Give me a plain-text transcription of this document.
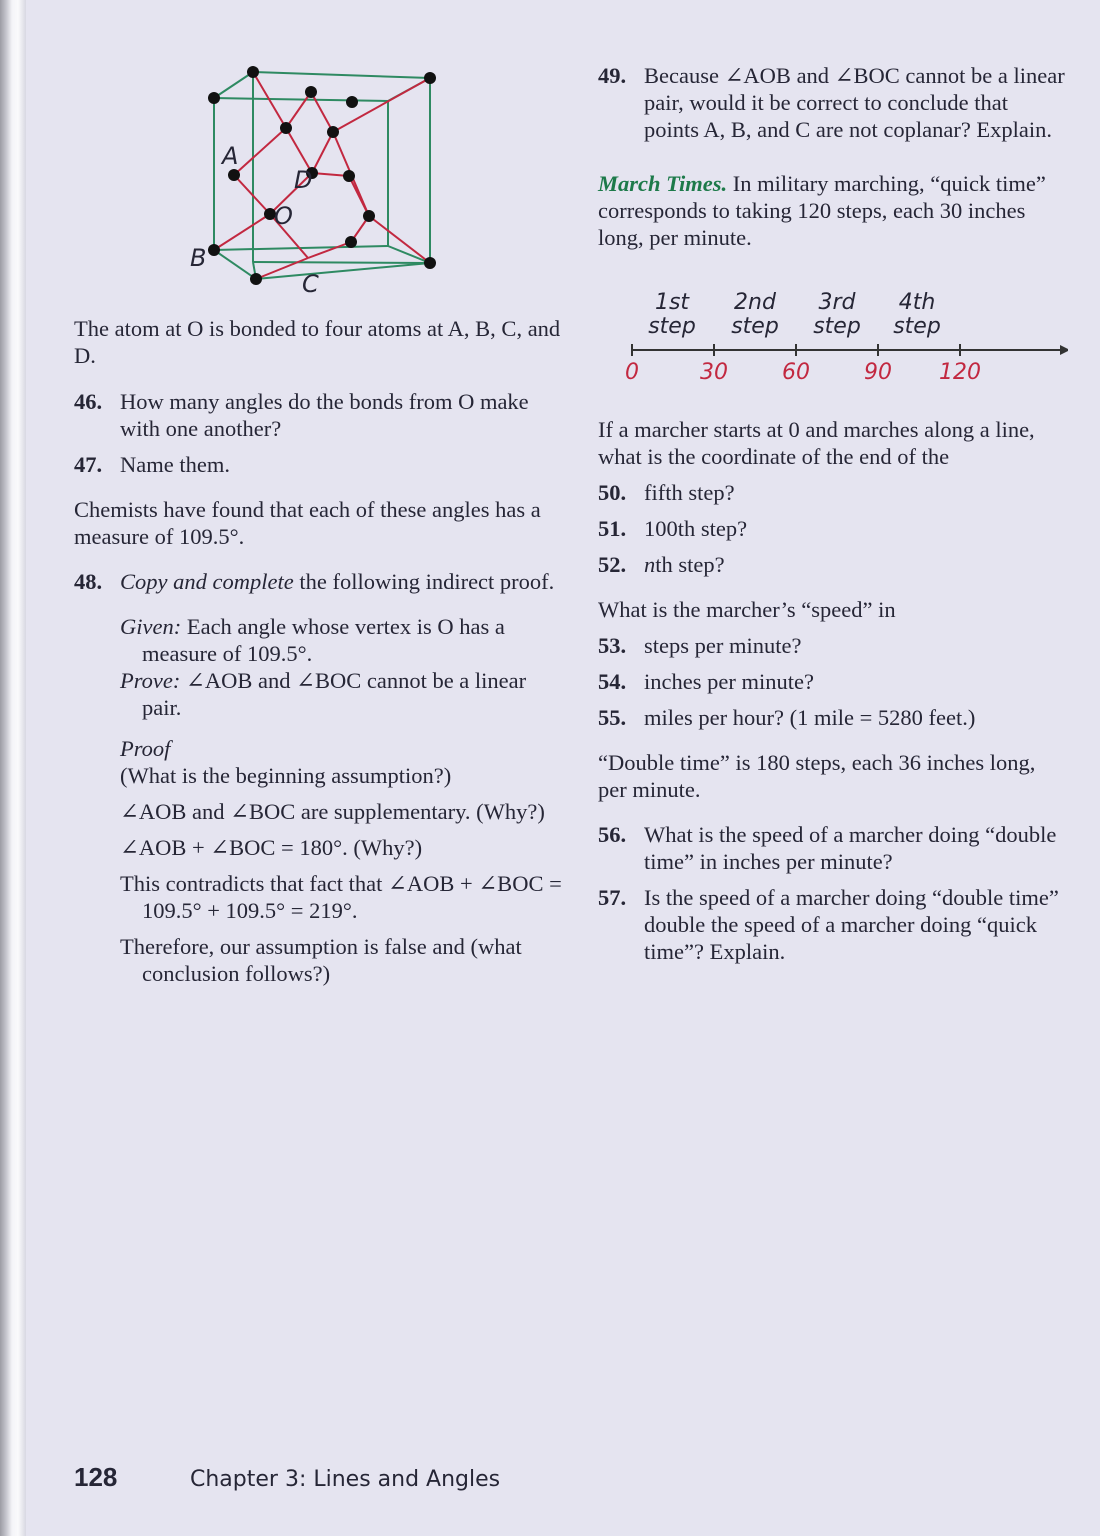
A
B
C
D
O

The atom at O is bonded to four atoms at A, B, C, and D.

46. How many angles do the bonds from O make with one another?
47. Name them.

Chemists have found that each of these angles has a measure of 109.5°.

48. Copy and complete the following indirect proof.

Given: Each angle whose vertex is O has a measure of 109.5°.

Prove: ∠AOB and ∠BOC cannot be a linear pair.

Proof

(What is the beginning assumption?)

∠AOB and ∠BOC are supplementary. (Why?)

∠AOB + ∠BOC = 180°. (Why?)

This contradicts that fact that ∠AOB + ∠BOC = 109.5° + 109.5° = 219°.

Therefore, our assumption is false and (what conclusion follows?)

49. Because ∠AOB and ∠BOC cannot be a linear pair, would it be correct to conclude that points A, B, and C are not coplanar? Explain.

March Times. In military marching, “quick time” corresponds to taking 120 steps, each 30 inches long, per minute.

1st
step
2nd
step
3rd
step
4th
step
0	30 60 90 120

If a marcher starts at 0 and marches along a line, what is the coordinate of the end of the

50. fifth step?
51. 100th step?
52. nth step?

What is the marcher’s “speed” in

53. steps per minute?
54. inches per minute?
55. miles per hour? (1 mile = 5280 feet.)

“Double time” is 180 steps, each 36 inches long, per minute.

56. What is the speed of a marcher doing “double time” in inches per minute?
57. Is the speed of a marcher doing “double time” double the speed of a marcher doing “quick time”? Explain.
128	Chapter 3: Lines and Angles
